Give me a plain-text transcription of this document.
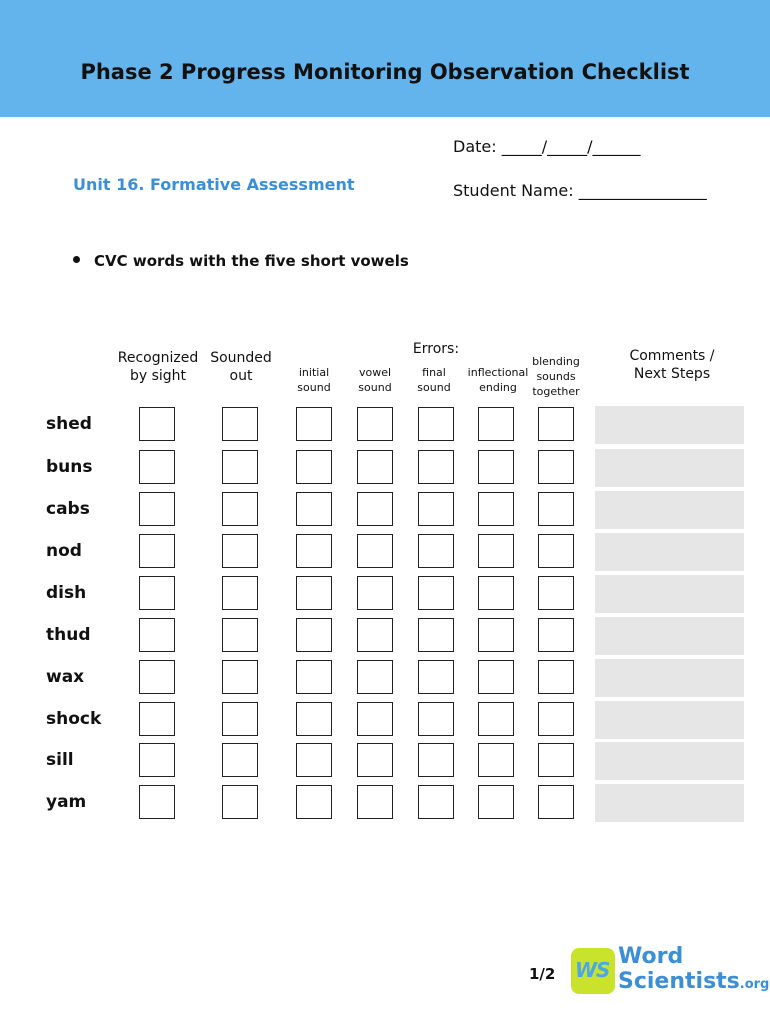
Phase 2 Progress Monitoring Observation Checklist
Date: _____/_____/______
Student Name: ________________
Unit 16. Formative Assessment
CVC words with the five short vowels
Recognized
by sight
Sounded
out
Errors:
initial
sound
vowel
sound
final
sound
inflectional
ending
blending
sounds
together
Comments /
Next Steps
shed
buns
cabs
nod
dish
thud
wax
shock
sill
yam
1/2 WS
Word
Scientists.org
